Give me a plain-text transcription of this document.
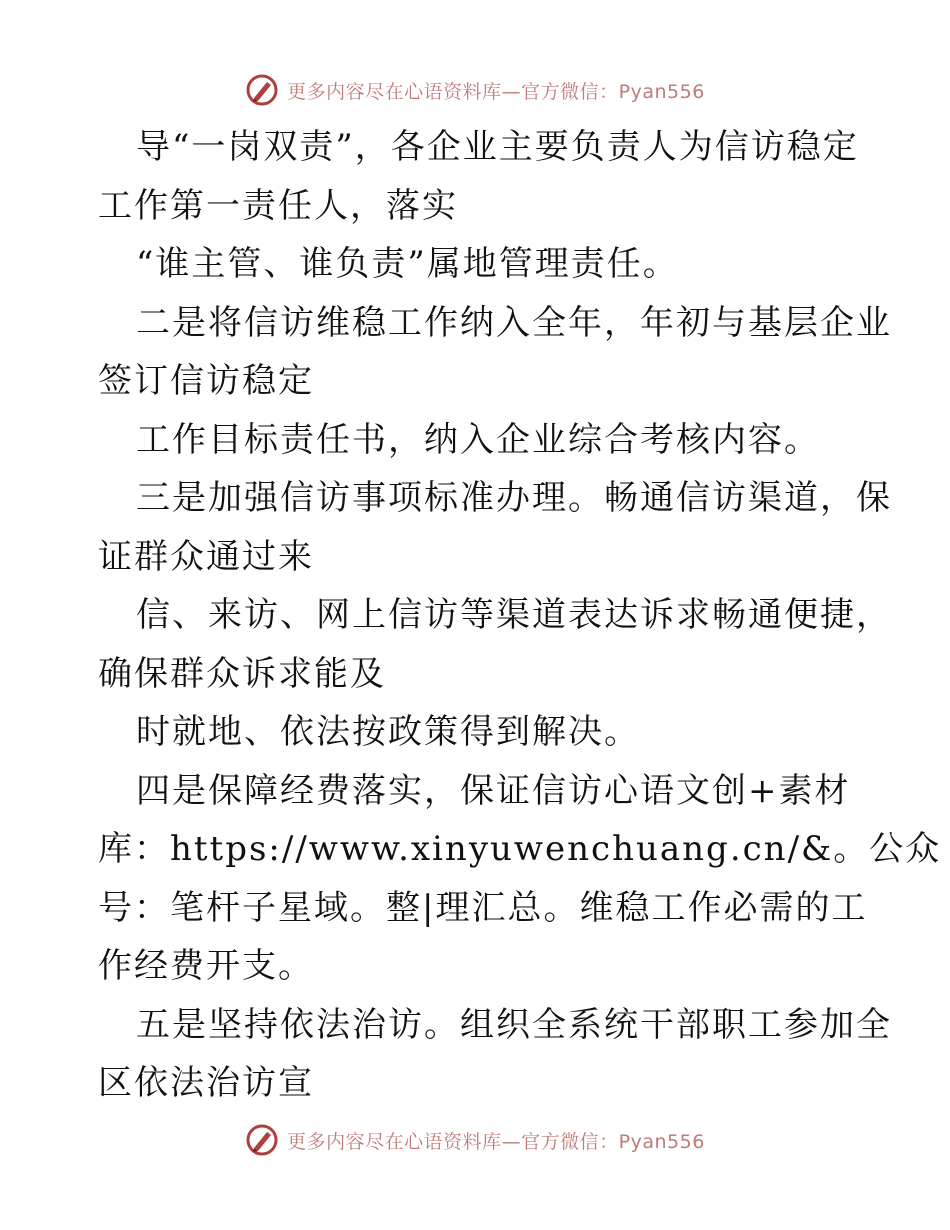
更多内容尽在心语资料库—官方微信：Pyan556
导“一岗双责”，各企业主要负责人为信访稳定
工作第一责任人，落实
“谁主管、谁负责”属地管理责任。
二是将信访维稳工作纳入全年，年初与基层企业
签订信访稳定
工作目标责任书，纳入企业综合考核内容。
三是加强信访事项标准办理。畅通信访渠道，保
证群众通过来
信、来访、网上信访等渠道表达诉求畅通便捷，
确保群众诉求能及
时就地、依法按政策得到解决。
四是保障经费落实，保证信访心语文创+素材
库：https://www.xinyuwenchuang.cn/&。公众
号：笔杆子星域。整|理汇总。维稳工作必需的工
作经费开支。
五是坚持依法治访。组织全系统干部职工参加全
区依法治访宣
更多内容尽在心语资料库—官方微信：Pyan556
